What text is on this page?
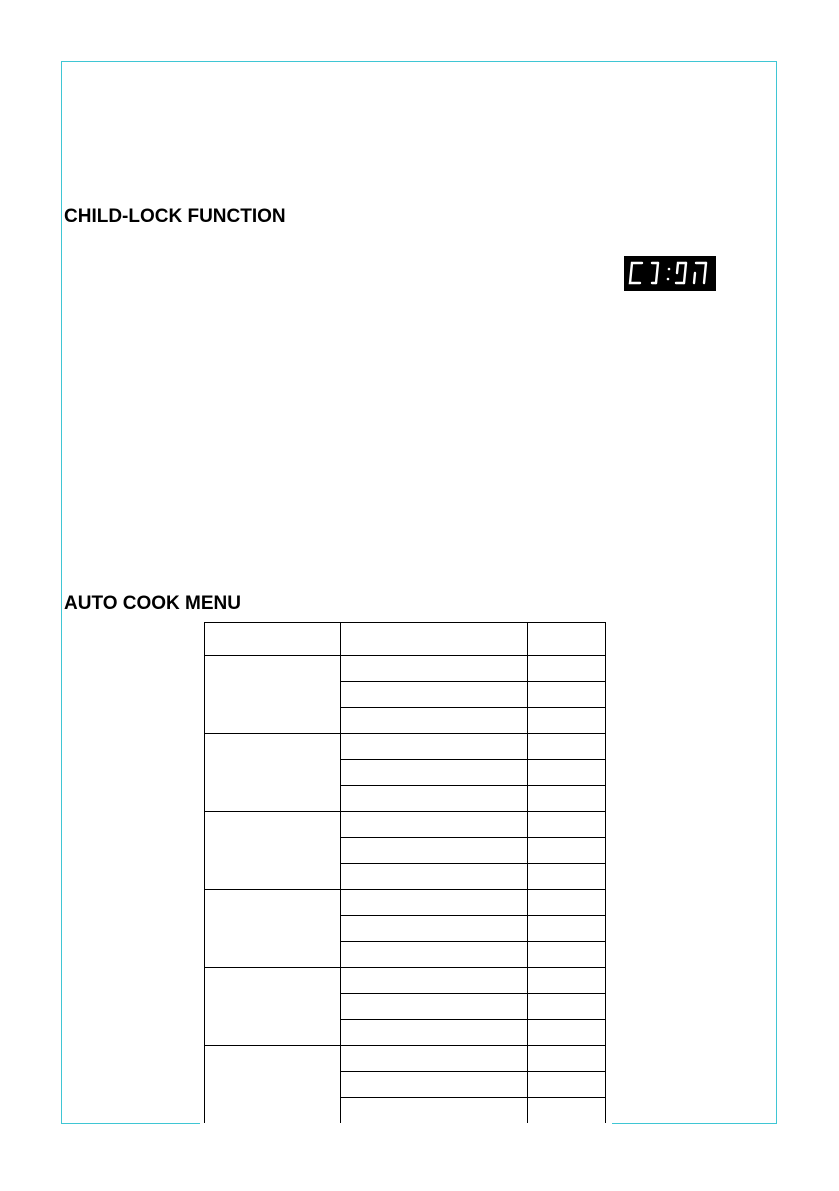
CHILD-LOCK FUNCTION
AUTO COOK MENU
